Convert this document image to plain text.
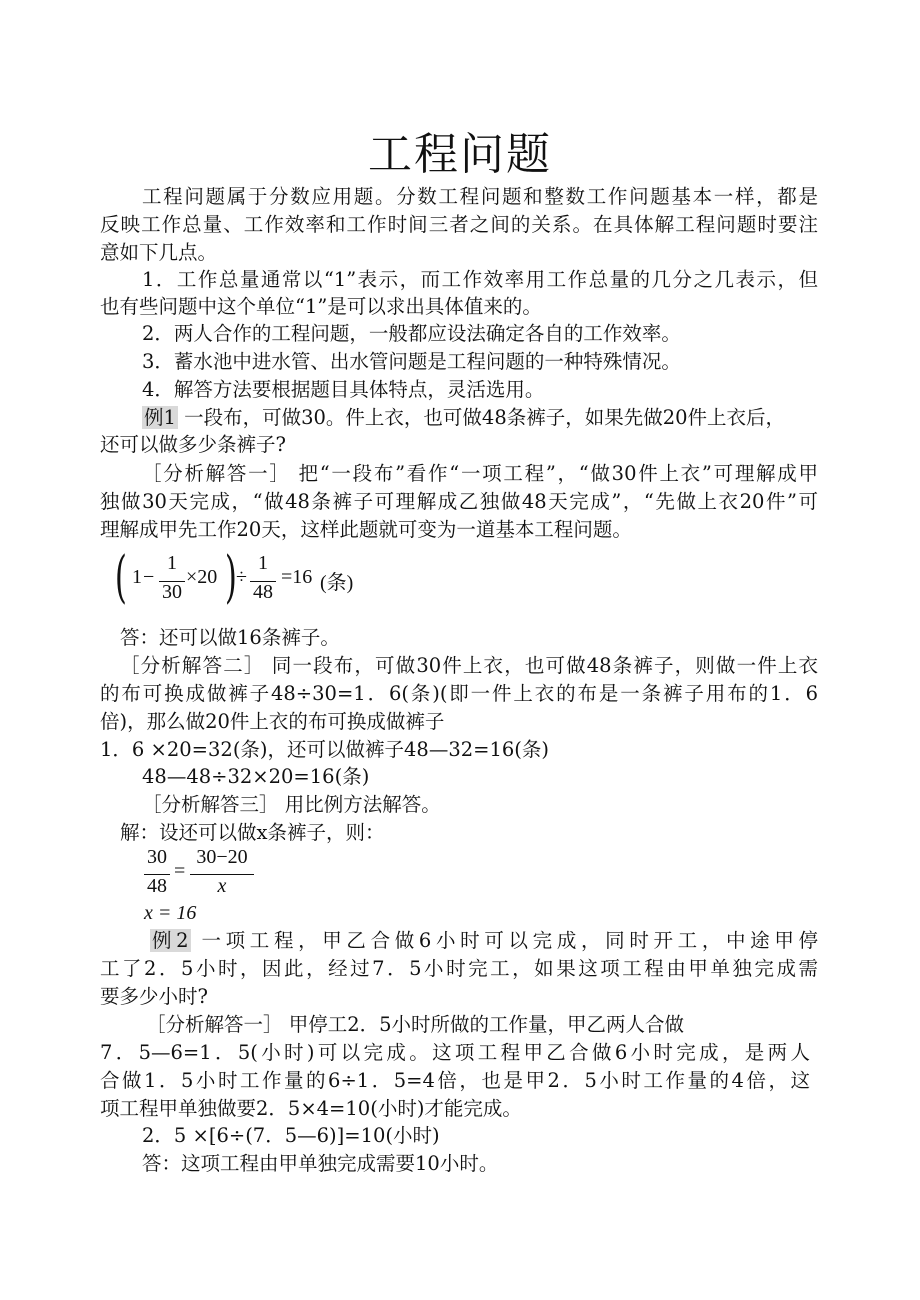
工程问题
工程问题属于分数应用题。分数工程问题和整数工作问题基本一样，都是
反映工作总量、工作效率和工作时间三者之间的关系。在具体解工程问题时要注
意如下几点。
1．工作总量通常以“1”表示，而工作效率用工作总量的几分之几表示，但
也有些问题中这个单位“1”是可以求出具体值来的。
2．两人合作的工程问题，一般都应设法确定各自的工作效率。
3．蓄水池中进水管、出水管问题是工程问题的一种特殊情况。
4．解答方法要根据题目具体特点，灵活选用。
例1 一段布，可做30。件上衣，也可做48条裤子，如果先做20件上衣后，
还可以做多少条裤子?
［分析解答一］ 把“一段布”看作“一项工程”，“做30件上衣”可理解成甲
独做30天完成，“做48条裤子可理解成乙独做48天完成”，“先做上衣20件”可
理解成甲先工作20天，这样此题就可变为一道基本工程问题。
( 1 −
1
30
×20 ) ÷
1
48
=16 (条)
答：还可以做16条裤子。
［分析解答二］ 同一段布，可做30件上衣，也可做48条裤子，则做一件上衣
的布可换成做裤子48÷30=1．6(条)(即一件上衣的布是一条裤子用布的1．6
倍)，那么做20件上衣的布可换成做裤子
1．6 ×20=32(条)，还可以做裤子48—32=16(条)
48—48÷32×20=16(条)
［分析解答三］ 用比例方法解答。
解：设还可以做x条裤子，则：
30
48
=
30−20
x
x = 16
例2 一项工程，甲乙合做6小时可以完成，同时开工，中途甲停
工了2．5小时，因此，经过7．5小时完工，如果这项工程由甲单独完成需
要多少小时?
［分析解答一］ 甲停工2．5小时所做的工作量，甲乙两人合做
7．5—6=1．5(小时)可以完成。这项工程甲乙合做6小时完成，是两人
合做1．5小时工作量的6÷1．5=4倍，也是甲2．5小时工作量的4倍，这
项工程甲单独做要2．5×4=10(小时)才能完成。
2．5 ×[6÷(7．5—6)]=10(小时)
答：这项工程由甲单独完成需要10小时。
